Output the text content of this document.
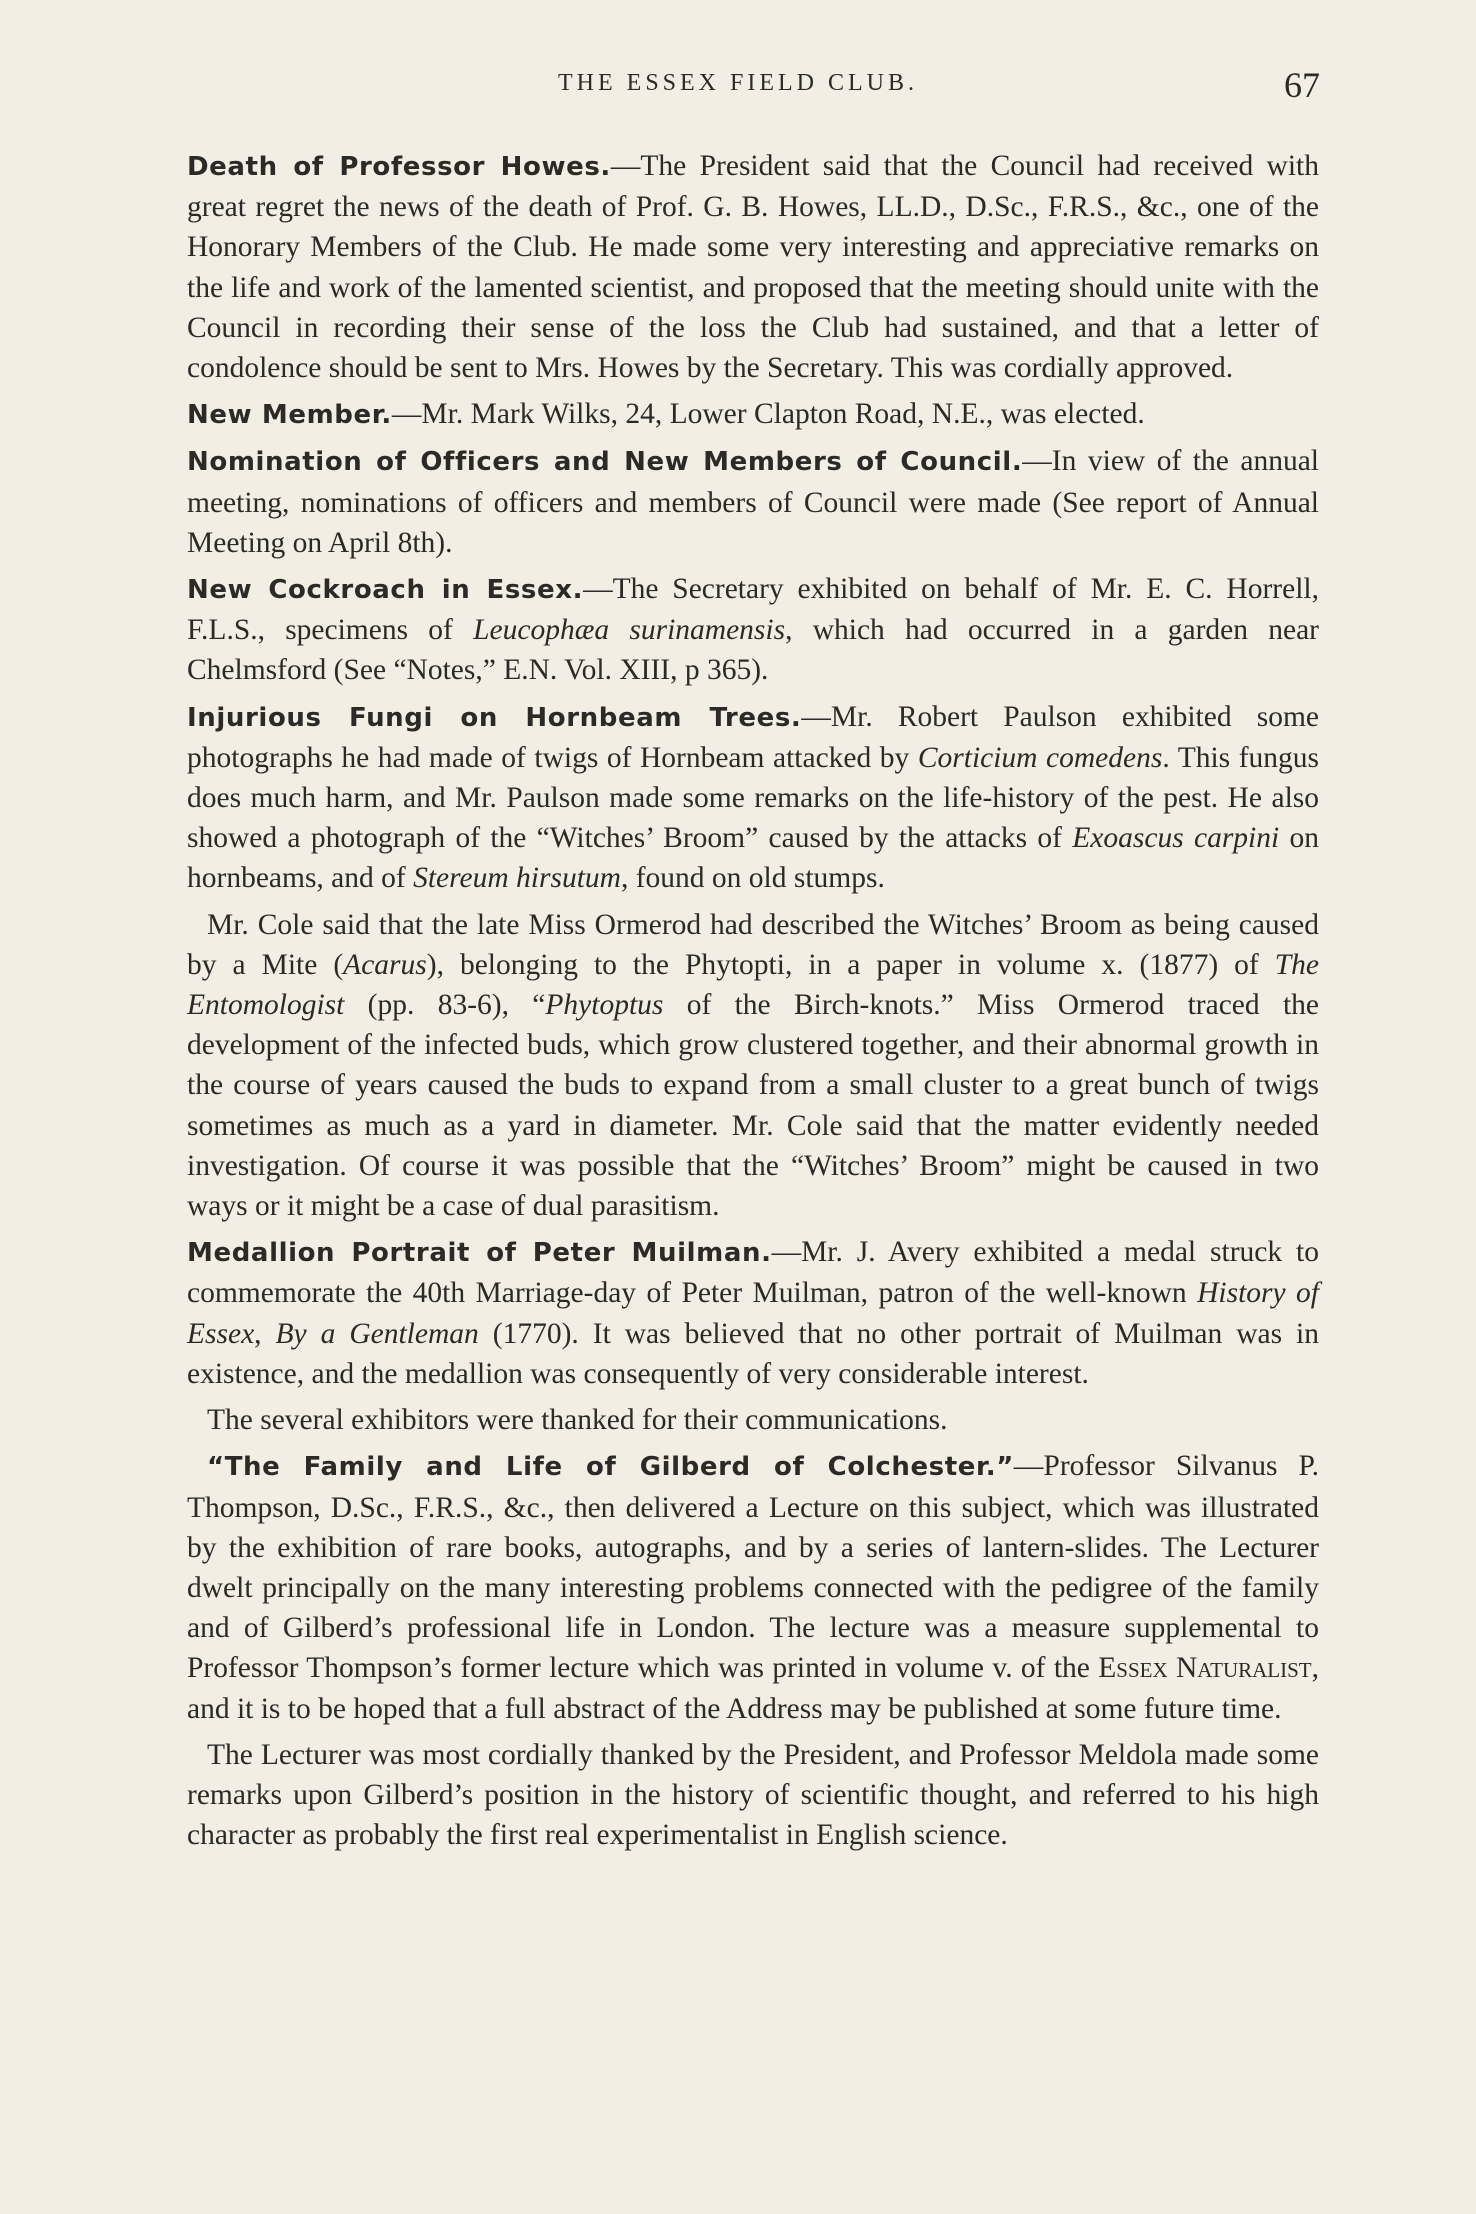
THE ESSEX FIELD CLUB.	67

Death of Professor Howes.—The President said that the Council had received with great regret the news of the death of Prof. G. B. Howes, LL.D., D.Sc., F.R.S., &c., one of the Honorary Members of the Club. He made some very interesting and appreciative remarks on the life and work of the lamented scientist, and proposed that the meeting should unite with the Council in recording their sense of the loss the Club had sustained, and that a letter of condolence should be sent to Mrs. Howes by the Secretary. This was cordially approved.

New Member.—Mr. Mark Wilks, 24, Lower Clapton Road, N.E., was elected.

Nomination of Officers and New Members of Council.—In view of the annual meeting, nominations of officers and members of Council were made (See report of Annual Meeting on April 8th).

New Cockroach in Essex.—The Secretary exhibited on behalf of Mr. E. C. Horrell, F.L.S., specimens of Leucophæa surinamensis, which had occurred in a garden near Chelmsford (See “Notes,” E.N. Vol. XIII, p 365).

Injurious Fungi on Hornbeam Trees.—Mr. Robert Paulson exhibited some photographs he had made of twigs of Hornbeam attacked by Corticium comedens. This fungus does much harm, and Mr. Paulson made some remarks on the life-history of the pest. He also showed a photograph of the “Witches’ Broom” caused by the attacks of Exoascus carpini on hornbeams, and of Stereum hirsutum, found on old stumps.

Mr. Cole said that the late Miss Ormerod had described the Witches’ Broom as being caused by a Mite (Acarus), belonging to the Phytopti, in a paper in volume x. (1877) of The Entomologist (pp. 83-6), “Phytoptus of the Birch-knots.” Miss Ormerod traced the development of the infected buds, which grow clustered together, and their abnormal growth in the course of years caused the buds to expand from a small cluster to a great bunch of twigs sometimes as much as a yard in diameter. Mr. Cole said that the matter evidently needed investigation. Of course it was possible that the “Witches’ Broom” might be caused in two ways or it might be a case of dual parasitism.

Medallion Portrait of Peter Muilman.—Mr. J. Avery exhibited a medal struck to commemorate the 40th Marriage-day of Peter Muilman, patron of the well-known History of Essex, By a Gentleman (1770). It was believed that no other portrait of Muilman was in existence, and the medallion was consequently of very considerable interest.

The several exhibitors were thanked for their communications.

“The Family and Life of Gilberd of Colchester.”—Professor Silvanus P. Thompson, D.Sc., F.R.S., &c., then delivered a Lecture on this subject, which was illustrated by the exhibition of rare books, autographs, and by a series of lantern-slides. The Lecturer dwelt principally on the many interesting problems connected with the pedigree of the family and of Gilberd’s professional life in London. The lecture was a measure supplemental to Professor Thompson’s former lecture which was printed in volume v. of the Essex Naturalist, and it is to be hoped that a full abstract of the Address may be published at some future time.

The Lecturer was most cordially thanked by the President, and Professor Meldola made some remarks upon Gilberd’s position in the history of scientific thought, and referred to his high character as probably the first real experimentalist in English science.
